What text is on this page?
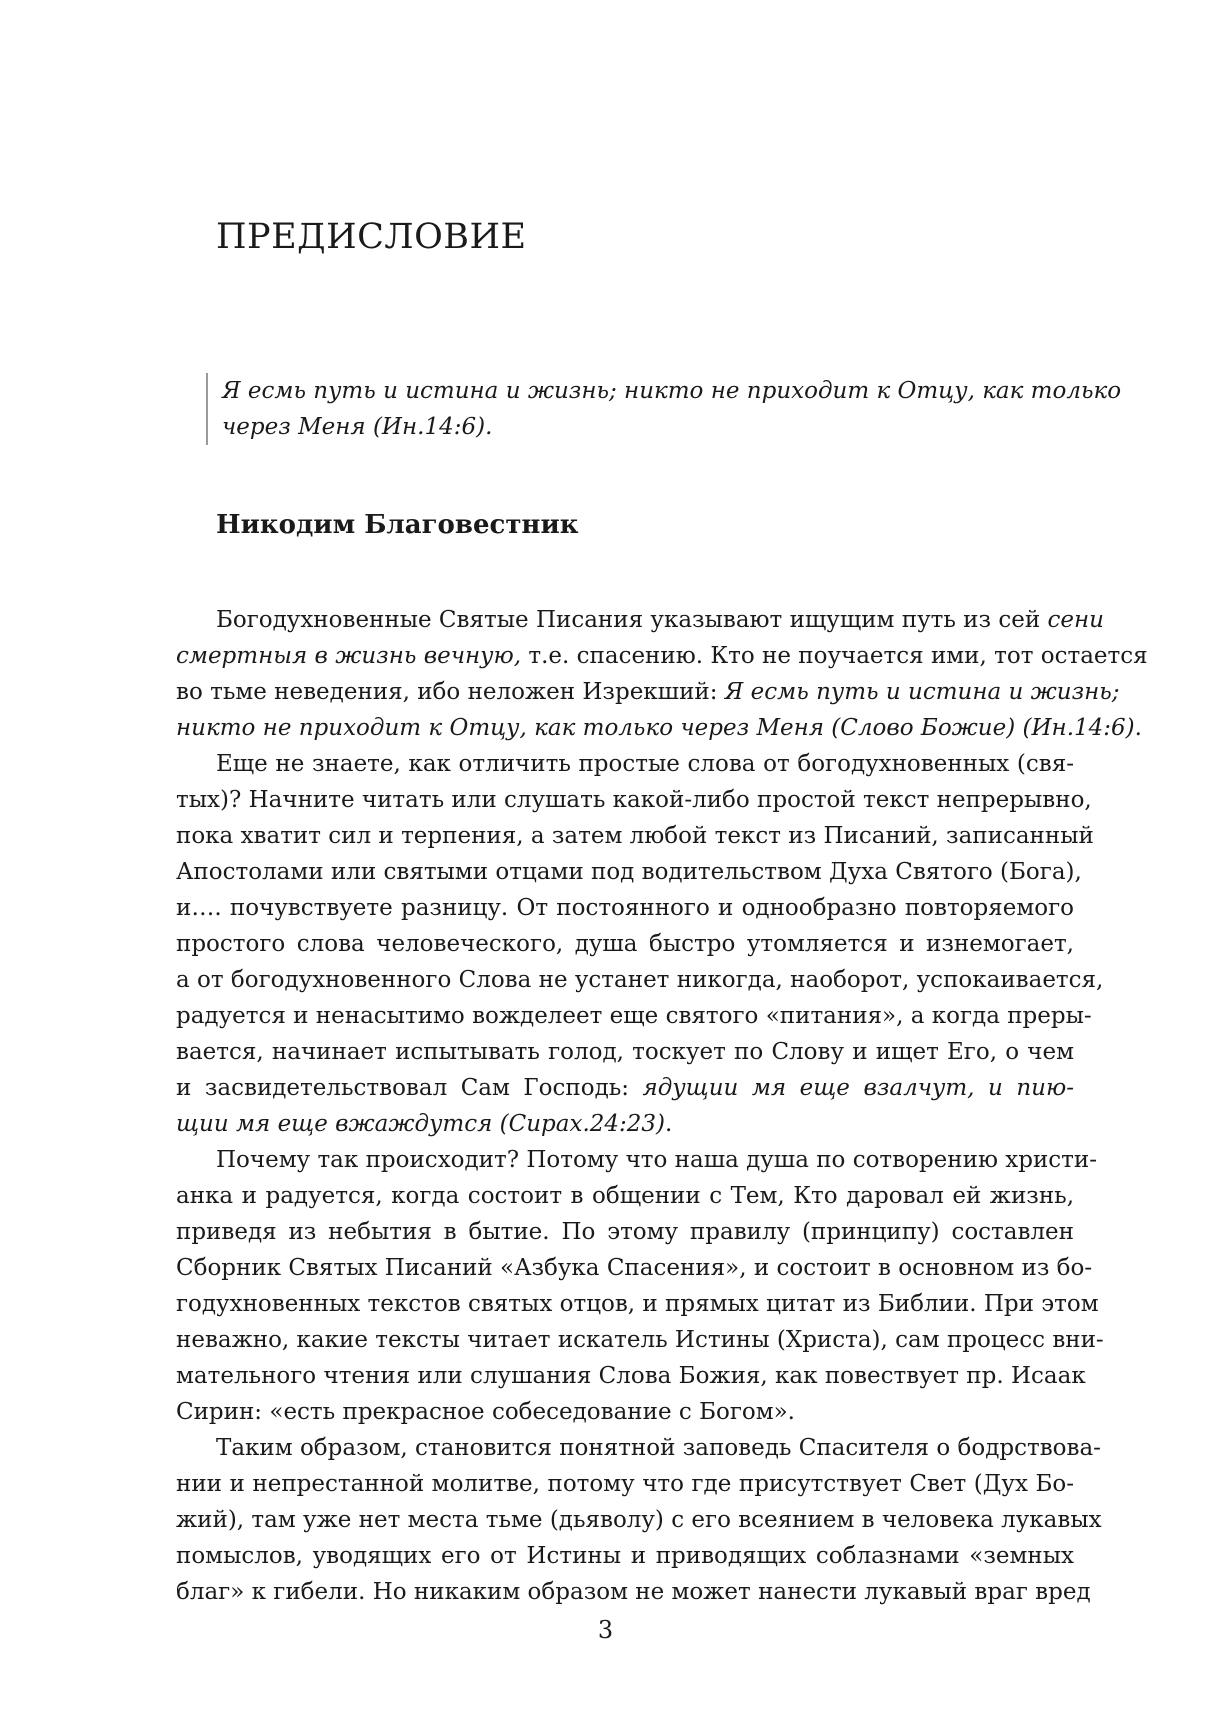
ПРЕДИСЛОВИЕ
Я есмь путь и истина и жизнь; никто не приходит к Отцу, как только
через Меня (Ин.14:6).
Никодим Благовестник
Богодухновенные Святые Писания указывают ищущим путь из сей сени
смертныя в жизнь вечную, т.е. спасению. Кто не поучается ими, тот остается
во тьме неведения, ибо неложен Изрекший: Я есмь путь и истина и жизнь;
никто не приходит к Отцу, как только через Меня (Слово Божие) (Ин.14:6).
Еще не знаете, как отличить простые слова от богодухновенных (свя-
тых)? Начните читать или слушать какой-либо простой текст непрерывно,
пока хватит сил и терпения, а затем любой текст из Писаний, записанный
Апостолами или святыми отцами под водительством Духа Святого (Бога),
и…. почувствуете разницу. От постоянного и однообразно повторяемого
простого слова человеческого, душа быстро утомляется и изнемогает,
а от богодухновенного Слова не устанет никогда, наоборот, успокаивается,
радуется и ненасытимо вожделеет еще святого «питания», а когда преры-
вается, начинает испытывать голод, тоскует по Слову и ищет Его, о чем
и засвидетельствовал Сам Господь: ядущии мя еще взалчут, и пию-
щии мя еще вжаждутся (Сирах.24:23).
Почему так происходит? Потому что наша душа по сотворению христи-
анка и радуется, когда состоит в общении с Тем, Кто даровал ей жизнь,
приведя из небытия в бытие. По этому правилу (принципу) составлен
Сборник Святых Писаний «Азбука Спасения», и состоит в основном из бо-
годухновенных текстов святых отцов, и прямых цитат из Библии. При этом
неважно, какие тексты читает искатель Истины (Христа), сам процесс вни-
мательного чтения или слушания Слова Божия, как повествует пр. Исаак
Сирин: «есть прекрасное собеседование с Богом».
Таким образом, становится понятной заповедь Спасителя о бодрствова-
нии и непрестанной молитве, потому что где присутствует Свет (Дух Бо-
жий), там уже нет места тьме (дьяволу) с его всеянием в человека лукавых
помыслов, уводящих его от Истины и приводящих соблазнами «земных
благ» к гибели. Но никаким образом не может нанести лукавый враг вред
3
